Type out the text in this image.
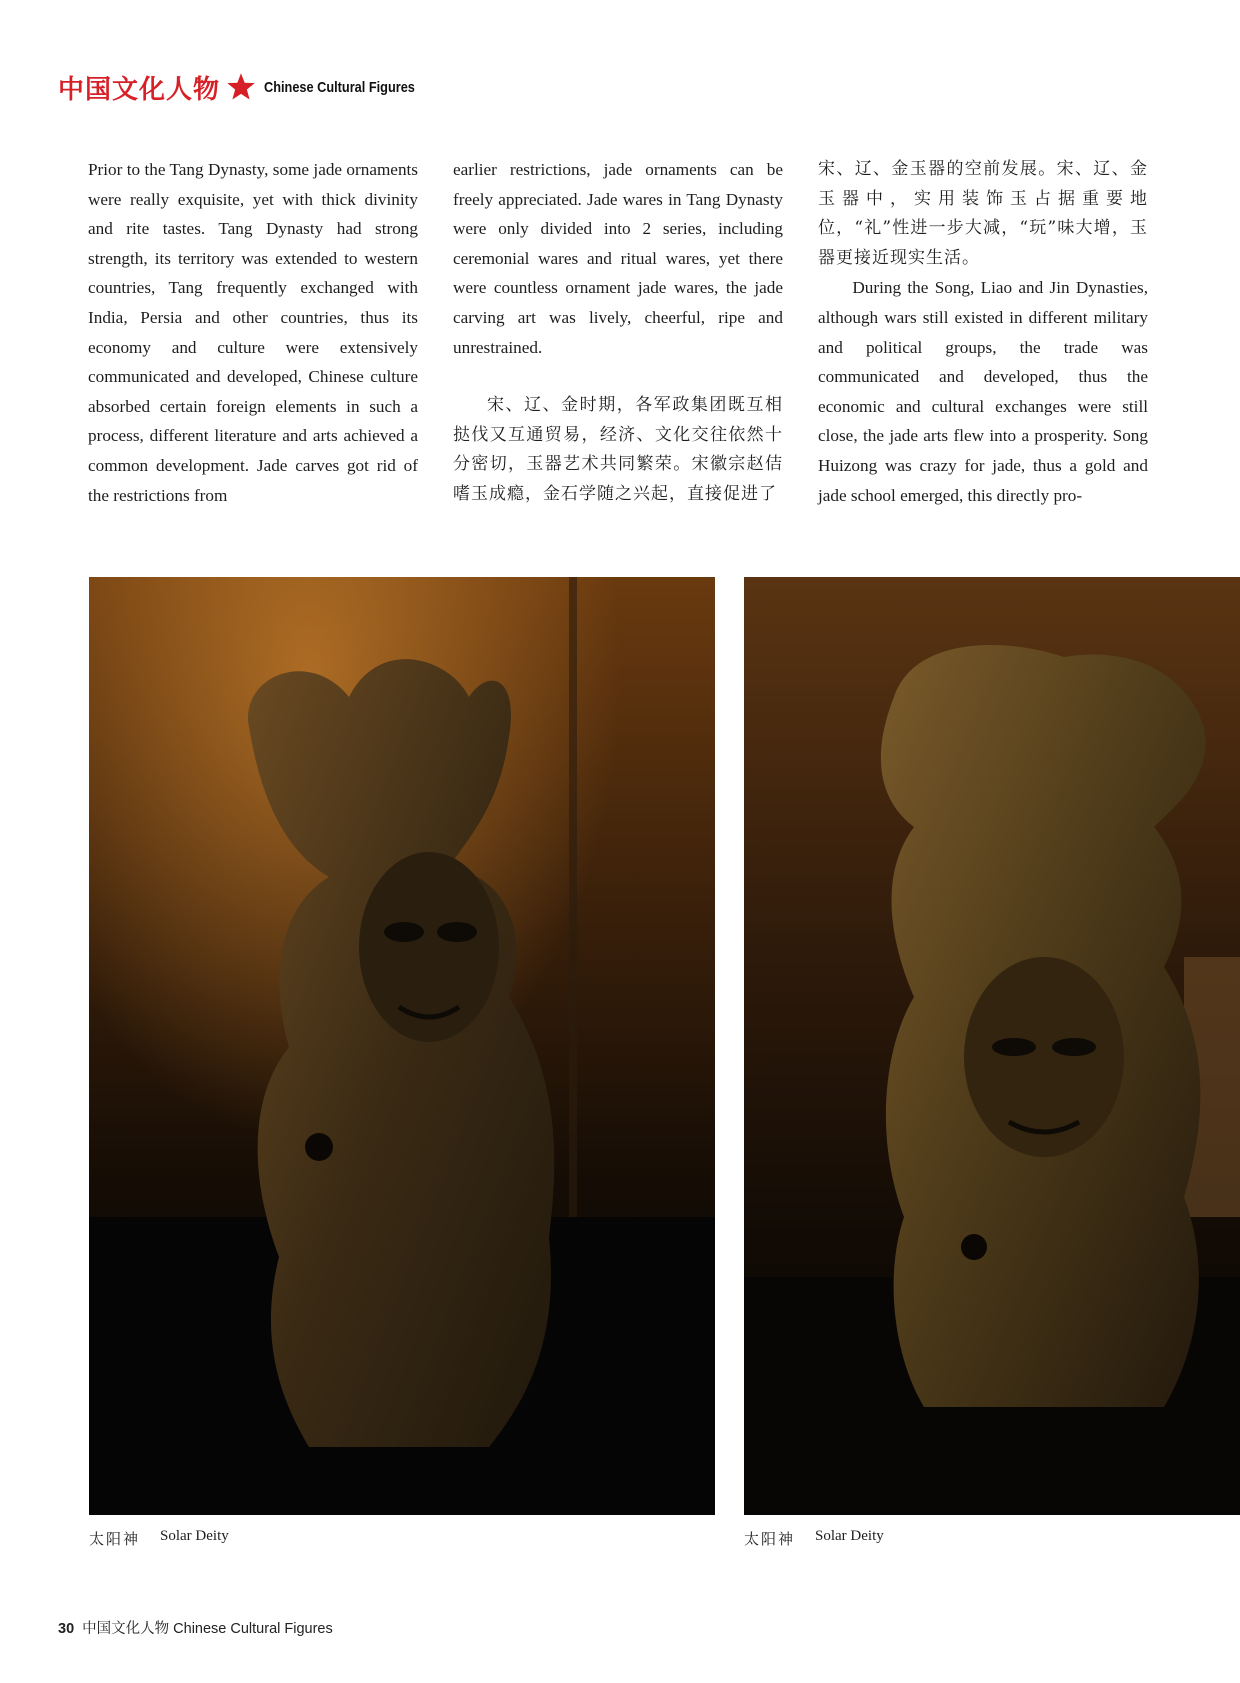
中国文化人物	Chinese Cultural Figures

Prior to the Tang Dynasty, some jade ornaments were really exquisite, yet with thick divinity and rite tastes. Tang Dynasty had strong strength, its territory was extended to western countries, Tang frequently exchanged with India, Persia and other countries, thus its economy and culture were extensively communicated and developed, Chinese culture absorbed certain foreign elements in such a process, different literature and arts achieved a common development. Jade carves got rid of the restrictions from

earlier restrictions, jade ornaments can be freely appreciated. Jade wares in Tang Dynasty were only divided into 2 series, including ceremonial wares and ritual wares, yet there were countless ornament jade wares, the jade carving art was lively, cheerful, ripe and unrestrained.

宋、辽、金时期，各军政集团既互相挞伐又互通贸易，经济、文化交往依然十分密切，玉器艺术共同繁荣。宋徽宗赵佶嗜玉成瘾，金石学随之兴起，直接促进了

宋、辽、金玉器的空前发展。宋、辽、金玉器中，实用装饰玉占据重要地位，“礼”性进一步大减，“玩”味大增，玉器更接近现实生活。

During the Song, Liao and Jin Dynasties, although wars still existed in different military and political groups, the trade was communicated and developed, thus the economic and cultural exchanges were still close, the jade arts flew into a prosperity. Song Huizong was crazy for jade, thus a gold and jade school emerged, this directly pro-

太阳神 Solar Deity	太阳神 Solar Deity
30 中国文化人物 Chinese Cultural Figures
